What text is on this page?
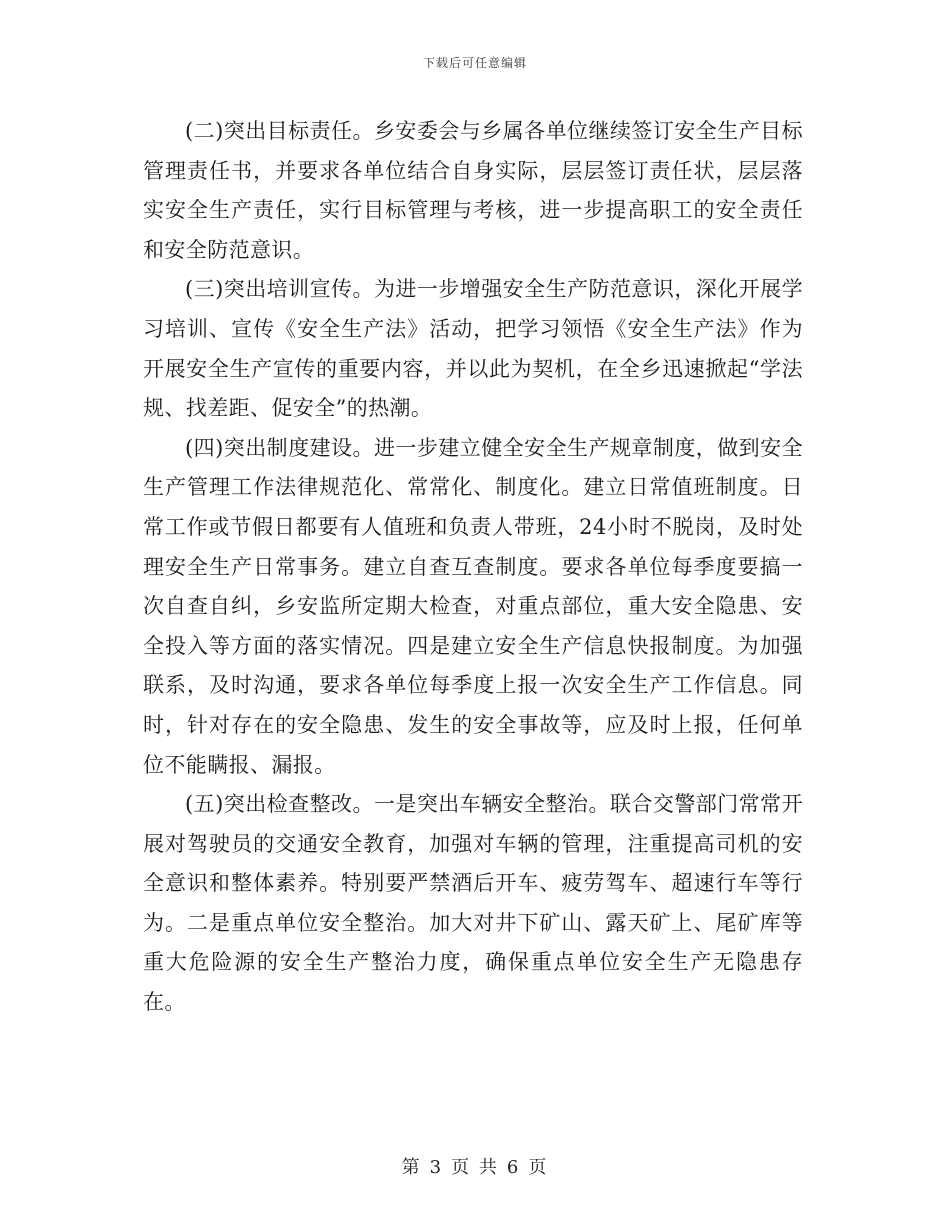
下载后可任意编辑

(二)突出目标责任。乡安委会与乡属各单位继续签订安全生产目标管理责任书，并要求各单位结合自身实际，层层签订责任状，层层落实安全生产责任，实行目标管理与考核，进一步提高职工的安全责任和安全防范意识。

(三)突出培训宣传。为进一步增强安全生产防范意识，深化开展学习培训、宣传《安全生产法》活动，把学习领悟《安全生产法》作为开展安全生产宣传的重要内容，并以此为契机，在全乡迅速掀起“学法规、找差距、促安全”的热潮。

(四)突出制度建设。进一步建立健全安全生产规章制度，做到安全生产管理工作法律规范化、常常化、制度化。建立日常值班制度。日常工作或节假日都要有人值班和负责人带班，24小时不脱岗，及时处理安全生产日常事务。建立自查互查制度。要求各单位每季度要搞一次自查自纠，乡安监所定期大检查，对重点部位，重大安全隐患、安全投入等方面的落实情况。四是建立安全生产信息快报制度。为加强联系，及时沟通，要求各单位每季度上报一次安全生产工作信息。同时，针对存在的安全隐患、发生的安全事故等，应及时上报，任何单位不能瞒报、漏报。

(五)突出检查整改。一是突出车辆安全整治。联合交警部门常常开展对驾驶员的交通安全教育，加强对车辆的管理，注重提高司机的安全意识和整体素养。特别要严禁酒后开车、疲劳驾车、超速行车等行为。二是重点单位安全整治。加大对井下矿山、露天矿上、尾矿库等重大危险源的安全生产整治力度，确保重点单位安全生产无隐患存在。

第 3 页 共 6 页
